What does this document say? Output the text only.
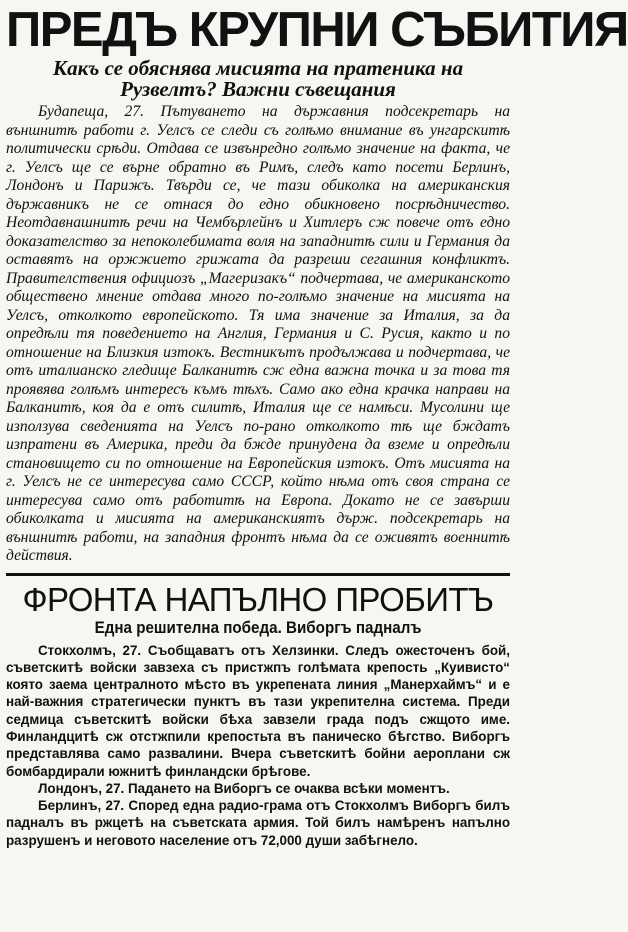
ПРЕДЪ КРУПНИ СЪБИТИЯ
Какъ се обяснява мисията на пратеника на Рузвелтъ? Важни съвещания

Будапеща, 27. Пътуването на държавния подсекретарь на външнитѣ работи г. Уелсъ се следи съ голѣмо внимание въ унгарскитѣ политически срѣди. Отдава се извънредно голѣмо значение на факта, че г. Уелсъ ще се върне обратно въ Римъ, следъ като посети Берлинъ, Лондонъ и Парижъ. Твърди се, че тази обиколка на американския държавникъ не се отнася до едно обикновено посрѣдничество. Неотдавнашнитѣ речи на Чембърлейнъ и Хитлеръ сж повече отъ едно доказателство за непоколебимата воля на западнитѣ сили и Германия да оставятъ на оржжието грижата да разреши сегашния конфликтъ. Правителствения официозъ „Магеризакъ“ подчертава, че американското обществено мнение отдава много по-голѣмо значение на мисията на Уелсъ, отколкото европейското. Тя има значение за Италия, за да опредѣли тя поведението на Англия, Германия и С. Русия, както и по отношение на Близкия изтокъ. Вестникътъ продължава и подчертава, че отъ италианско гледище Балканитѣ сж една важна точка и за това тя проявява голѣмъ интересъ къмъ тѣхъ. Само ако една крачка направи на Балканитѣ, коя да е отъ силитѣ, Италия ще се намѣси. Мусолини ще използува сведенията на Уелсъ по-рано отколкото тѣ ще бждатъ изпратени въ Америка, преди да бжде принудена да вземе и опредѣли становището си по отношение на Европейския изтокъ. Отъ мисията на г. Уелсъ не се интересува само СССР, който нѣма отъ своя страна се интересува само отъ работитѣ на Европа. Докато не се завърши обиколката и мисията на американскиятъ държ. подсекретарь на външнитѣ работи, на западния фронтъ нѣма да се оживятъ военнитѣ действия.

ФРОНТА НАПЪЛНО ПРОБИТЪ
Една решителна победа. Виборгъ падналъ

Стокхолмъ, 27. Съобщаватъ отъ Хелзинки. Следъ ожесточенъ бой, съветскитѣ войски завзеха съ пристжпъ голѣмата крепость „Куивисто“ която заема централното мѣсто въ укрепената линия „Манерхаймъ“ и е най-важния стратегически пунктъ въ тази укрепителна система. Преди седмица съветскитѣ войски бѣха завзели града подъ сжщото име. Финландцитѣ сж отстжпили крепостьта въ паническо бѣгство. Виборгъ представлява само развалини. Вчера съветскитѣ бойни аероплани сж бомбардирали южнитѣ финландски брѣгове.

Лондонъ, 27. Падането на Виборгъ се очаква всѣки моментъ.

Берлинъ, 27. Според една радио-грама отъ Стокхолмъ Виборгъ билъ падналъ въ ржцетѣ на съветската армия. Той билъ намѣренъ напълно разрушенъ и неговото население отъ 72,000 души забѣгнело.
